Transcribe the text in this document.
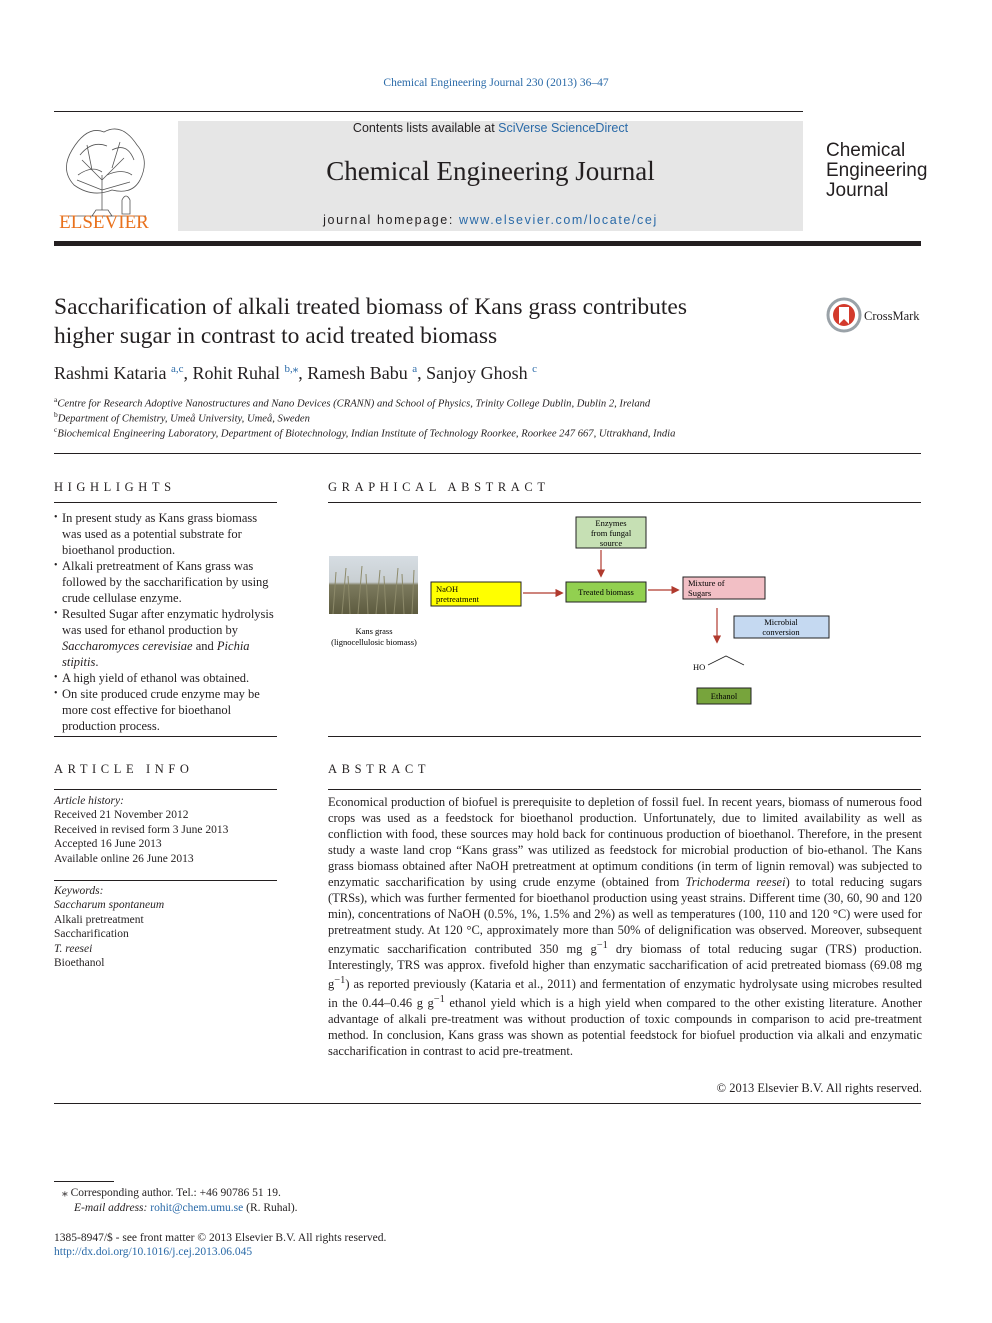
Chemical Engineering Journal 230 (2013) 36–47
ELSEVIER
Contents lists available at SciVerse ScienceDirect
Chemical Engineering Journal
journal homepage: www.elsevier.com/locate/cej
Chemical
Engineering
Journal
Saccharification of alkali treated biomass of Kans grass contributes
higher sugar in contrast to acid treated biomass
CrossMark
Rashmi Kataria $^{a,c}$, Rohit Ruhal $^{b,⁎}$, Ramesh Babu $^a$, Sanjoy Ghosh $^c$
$^a$Centre for Research Adoptive Nanostructures and Nano Devices (CRANN) and School of Physics, Trinity College Dublin, Dublin 2, Ireland
$^b$Department of Chemistry, Umeå University, Umeå, Sweden
$^c$Biochemical Engineering Laboratory, Department of Biotechnology, Indian Institute of Technology Roorkee, Roorkee 247 667, Uttrakhand, India
HIGHLIGHTS
• In present study as Kans grass biomass was used as a potential substrate for bioethanol production.
• Alkali pretreatment of Kans grass was followed by the saccharification by using crude cellulase enzyme.
• Resulted Sugar after enzymatic hydrolysis was used for ethanol production by Saccharomyces cerevisiae and Pichia stipitis.
• A high yield of ethanol was obtained.
• On site produced crude enzyme may be more cost effective for bioethanol production process.
GRAPHICAL ABSTRACT
Kans grass
(lignocellulosic biomass)
NaOH
pretreatment
Enzymes
from fungal
source
Treated biomass
Mixture of
Sugars
Microbial
conversion
HO
Ethanol
ARTICLE INFO
Article history:
Received 21 November 2012
Received in revised form 3 June 2013
Accepted 16 June 2013
Available online 26 June 2013
Keywords:
Saccharum spontaneum
Alkali pretreatment
Saccharification
T. reesei
Bioethanol
ABSTRACT
Economical production of biofuel is prerequisite to depletion of fossil fuel. In recent years, biomass of numerous food crops was used as a feedstock for bioethanol production. Unfortunately, due to limited availability as well as confliction with food, these sources may hold back for continuous production of bioethanol. Therefore, in the present study a waste land crop “Kans grass” was utilized as feedstock for microbial production of bio-ethanol. The Kans grass biomass obtained after NaOH pretreatment at optimum conditions (in term of lignin removal) was subjected to enzymatic saccharification by using crude enzyme (obtained from Trichoderma reesei) to total reducing sugars (TRSs), which was further fermented for bioethanol production using yeast strains. Different time (30, 60, 90 and 120 min), concentrations of NaOH (0.5%, 1%, 1.5% and 2%) as well as temperatures (100, 110 and 120 °C) were used for pretreatment study. At 120 °C, approximately more than 50% of delignification was observed. Moreover, subsequent enzymatic saccharification contributed 350 mg $g^{-1}$ dry biomass of total reducing sugar (TRS) production. Interestingly, TRS was approx. fivefold higher than enzymatic saccharification of acid pretreated biomass (69.08 mg $g^{-1}$) as reported previously (Kataria et al., 2011) and fermentation of enzymatic hydrolysate using microbes resulted in the 0.44–0.46 g $g^{-1}$ ethanol yield which is a high yield when compared to the other existing literature. Another advantage of alkali pre-treatment was without production of toxic compounds in comparison to acid pre-treatment method. In conclusion, Kans grass was shown as potential feedstock for biofuel production via alkali and enzymatic saccharification in contrast to acid pre-treatment.
© 2013 Elsevier B.V. All rights reserved.
⁎ Corresponding author. Tel.: +46 90786 51 19.
E-mail address: rohit@chem.umu.se (R. Ruhal).
1385-8947/$ - see front matter © 2013 Elsevier B.V. All rights reserved.
http://dx.doi.org/10.1016/j.cej.2013.06.045
